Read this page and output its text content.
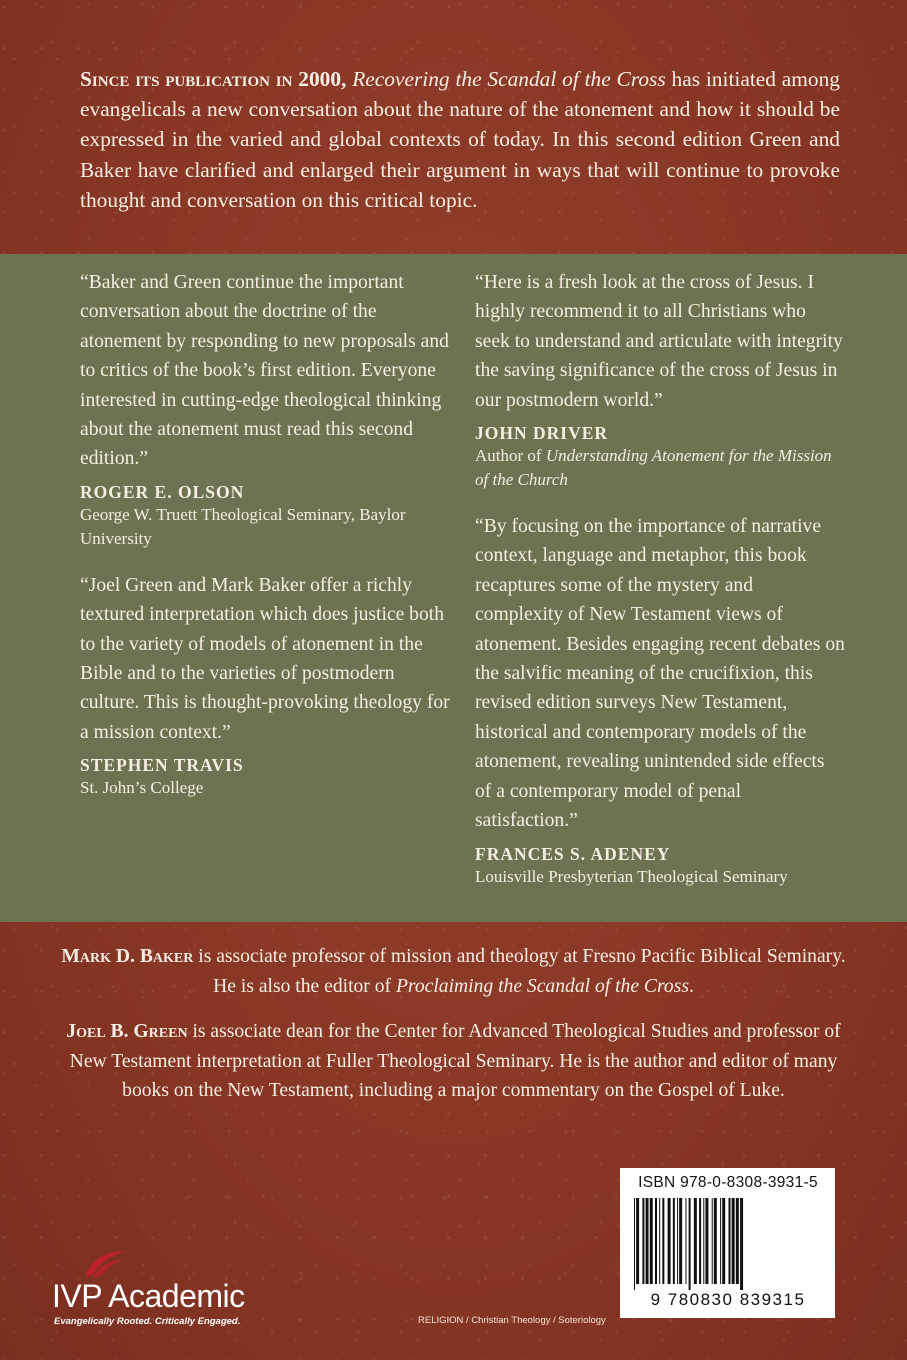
Since its publication in 2000, Recovering the Scandal of the Cross has initiated among evangelicals a new conversation about the nature of the atonement and how it should be expressed in the varied and global contexts of today. In this second edition Green and Baker have clarified and enlarged their argument in ways that will continue to provoke thought and conversation on this critical topic.

“Baker and Green continue the important conversation about the doctrine of the atonement by responding to new proposals and to critics of the book’s first edition. Everyone interested in cutting-edge theological thinking about the atonement must read this second edition.”

ROGER E. OLSON
George W. Truett Theological Seminary, Baylor University

“Joel Green and Mark Baker offer a richly textured interpretation which does justice both to the variety of models of atonement in the Bible and to the varieties of postmodern culture. This is thought-provoking theology for a mission context.”

STEPHEN TRAVIS
St. John’s College

“Here is a fresh look at the cross of Jesus. I highly recommend it to all Christians who seek to understand and articulate with integrity the saving significance of the cross of Jesus in our postmodern world.”

JOHN DRIVER
Author of Understanding Atonement for the Mission of the Church

“By focusing on the importance of narrative context, language and metaphor, this book recaptures some of the mystery and complexity of New Testament views of atonement. Besides engaging recent debates on the salvific meaning of the crucifixion, this revised edition surveys New Testament, historical and contemporary models of the atonement, revealing unintended side effects of a contemporary model of penal satisfaction.”

FRANCES S. ADENEY
Louisville Presbyterian Theological Seminary

Mark D. Baker is associate professor of mission and theology at Fresno Pacific Biblical Seminary. He is also the editor of Proclaiming the Scandal of the Cross.

Joel B. Green is associate dean for the Center for Advanced Theological Studies and professor of New Testament interpretation at Fuller Theological Seminary. He is the author and editor of many books on the New Testament, including a major commentary on the Gospel of Luke.

IVP Academic
Evangelically Rooted. Critically Engaged.	RELIGION / Christian Theology / Soteriology
ISBN 978-0-8308-3931-5
9 780830 839315
